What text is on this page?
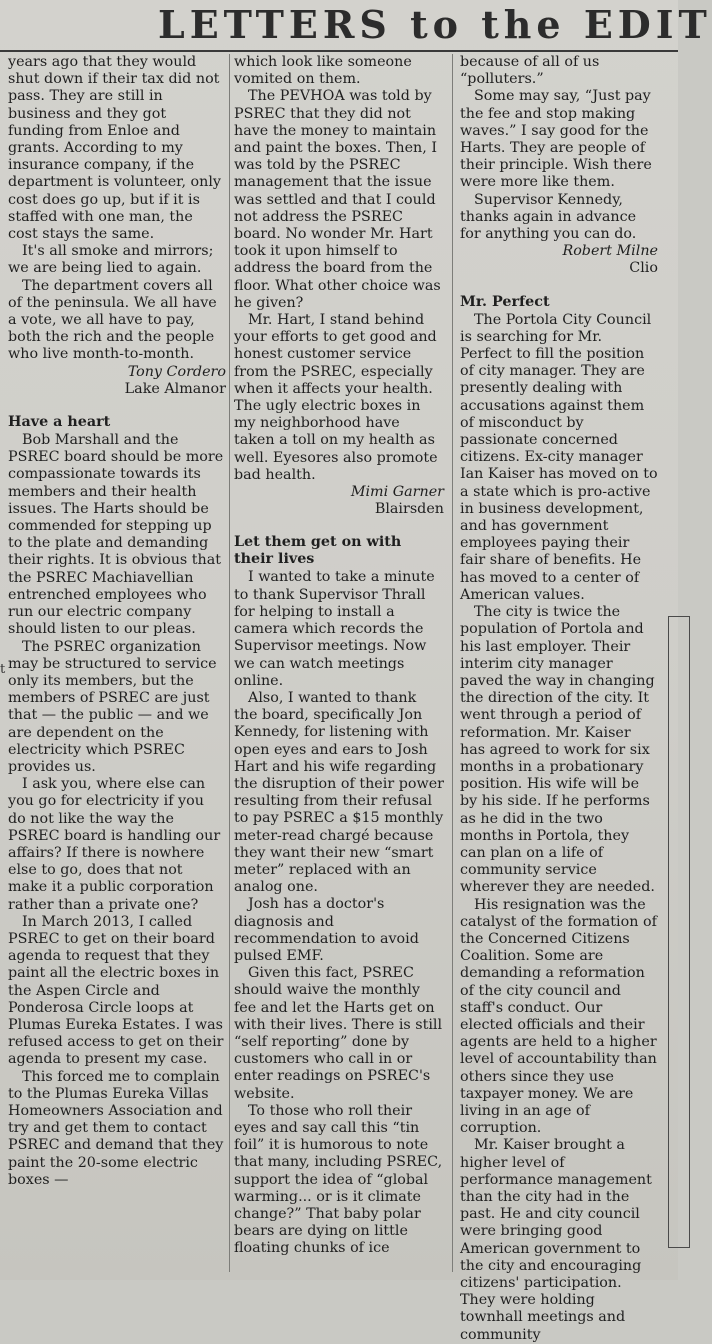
LETTERS to the EDIT
t

years ago that they would shut down if their tax did not pass. They are still in business and they got funding from Enloe and grants. According to my insurance company, if the department is volunteer, only cost does go up, but if it is staffed with one man, the cost stays the same.

It's all smoke and mirrors; we are being lied to again.

The department covers all of the peninsula. We all have a vote, we all have to pay, both the rich and the people who live month-to-month.

Tony Cordero

Lake Almanor

Have a heart

Bob Marshall and the PSREC board should be more compassionate towards its members and their health issues. The Harts should be commended for stepping up to the plate and demanding their rights. It is obvious that the PSREC Machiavellian entrenched employees who run our electric company should listen to our pleas.

The PSREC organization may be structured to service only its members, but the members of PSREC are just that — the public — and we are dependent on the electricity which PSREC provides us.

I ask you, where else can you go for electricity if you do not like the way the PSREC board is handling our affairs? If there is nowhere else to go, does that not make it a public corporation rather than a private one?

In March 2013, I called PSREC to get on their board agenda to request that they paint all the electric boxes in the Aspen Circle and Ponderosa Circle loops at Plumas Eureka Estates. I was refused access to get on their agenda to present my case.

This forced me to complain to the Plumas Eureka Villas Homeowners Association and try and get them to contact PSREC and demand that they paint the 20-some electric boxes —

which look like someone vomited on them.

The PEVHOA was told by PSREC that they did not have the money to maintain and paint the boxes. Then, I was told by the PSREC management that the issue was settled and that I could not address the PSREC board. No wonder Mr. Hart took it upon himself to address the board from the floor. What other choice was he given?

Mr. Hart, I stand behind your efforts to get good and honest customer service from the PSREC, especially when it affects your health. The ugly electric boxes in my neighborhood have taken a toll on my health as well. Eyesores also promote bad health.

Mimi Garner

Blairsden

Let them get on with their lives

I wanted to take a minute to thank Supervisor Thrall for helping to install a camera which records the Supervisor meetings. Now we can watch meetings online.

Also, I wanted to thank the board, specifically Jon Kennedy, for listening with open eyes and ears to Josh Hart and his wife regarding the disruption of their power resulting from their refusal to pay PSREC a $15 monthly meter-read chargé because they want their new “smart meter” replaced with an analog one.

Josh has a doctor's diagnosis and recommendation to avoid pulsed EMF.

Given this fact, PSREC should waive the monthly fee and let the Harts get on with their lives. There is still “self reporting” done by customers who call in or enter readings on PSREC's website.

To those who roll their eyes and say call this “tin foil” it is humorous to note that many, including PSREC, support the idea of “global warming... or is it climate change?” That baby polar bears are dying on little floating chunks of ice

because of all of us “polluters.”

Some may say, “Just pay the fee and stop making waves.” I say good for the Harts. They are people of their principle. Wish there were more like them.

Supervisor Kennedy, thanks again in advance for anything you can do.

Robert Milne

Clio

Mr. Perfect

The Portola City Council is searching for Mr. Perfect to fill the position of city manager. They are presently dealing with accusations against them of misconduct by passionate concerned citizens. Ex-city manager Ian Kaiser has moved on to a state which is pro-active in business development, and has government employees paying their fair share of benefits. He has moved to a center of American values.

The city is twice the population of Portola and his last employer. Their interim city manager paved the way in changing the direction of the city. It went through a period of reformation. Mr. Kaiser has agreed to work for six months in a probationary position. His wife will be by his side. If he performs as he did in the two months in Portola, they can plan on a life of community service wherever they are needed.

His resignation was the catalyst of the formation of the Concerned Citizens Coalition. Some are demanding a reformation of the city council and staff's conduct. Our elected officials and their agents are held to a higher level of accountability than others since they use taxpayer money. We are living in an age of corruption.

Mr. Kaiser brought a higher level of performance management than the city had in the past. He and city council were bringing good American government to the city and encouraging citizens' participation. They were holding townhall meetings and community
